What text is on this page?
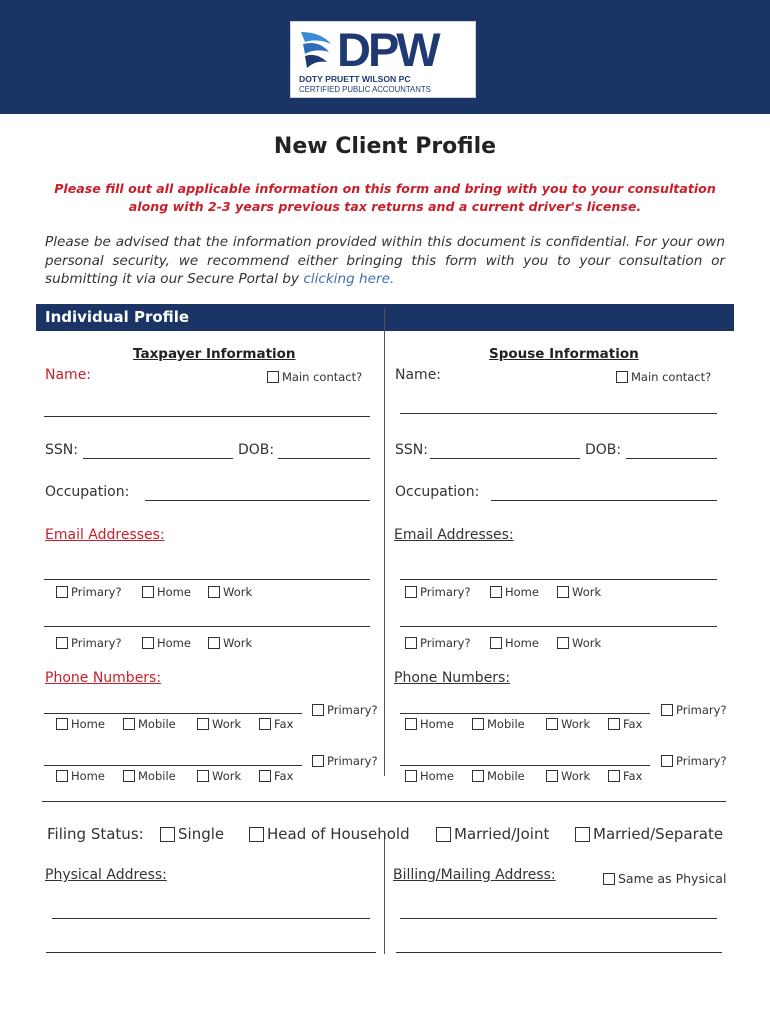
DPW
DOTY PRUETT WILSON PC
CERTIFIED PUBLIC ACCOUNTANTS
New Client Profile
Please fill out all applicable information on this form and bring with you to your consultation
along with 2-3 years previous tax returns and a current driver's license.
Please be advised that the information provided within this document is confidential. For your own personal security, we recommend either bringing this form with you to your consultation or submitting it via our Secure Portal by clicking here.
Individual Profile
Taxpayer Information	Spouse Information
Name:	Main contact?
SSN:	DOB:
Occupation:
Email Addresses:
Primary?	Home	Work
Primary?	Home	Work
Phone Numbers:
Primary?
Home	Mobile	Work	Fax
Primary?
Home	Mobile	Work	Fax
Name:	Main contact?
SSN:	DOB:
Occupation:
Email Addresses:
Primary?	Home	Work
Primary?	Home	Work
Phone Numbers:
Primary?
Home	Mobile	Work	Fax
Primary?
Home	Mobile	Work	Fax
Filing Status: Single	Head of Household	Married/Joint	Married/Separate
Physical Address:	Billing/Mailing Address:	Same as Physical
